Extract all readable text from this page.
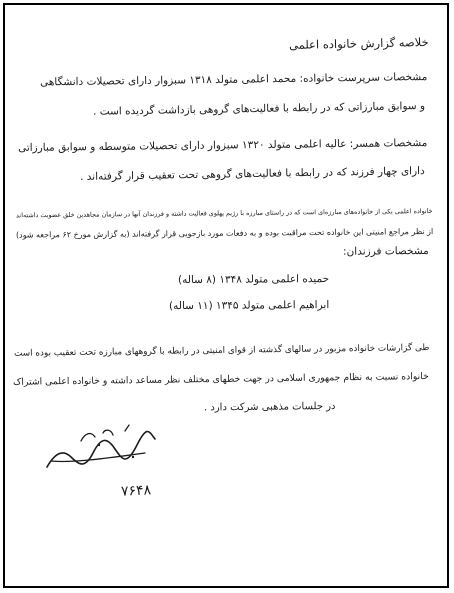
خلاصه گزارش خانواده اعلمی
مشخصات سرپرست خانواده: محمد اعلمی متولد ۱۳۱۸ سبزوار دارای تحصیلات دانشگاهی
و سوابق مبارزاتی که در رابطه با فعالیت‌های گروهی بازداشت گردیده است .
مشخصات همسر: عالیه اعلمی متولد ۱۳۲۰ سبزوار دارای تحصیلات متوسطه و سوابق مبارزاتی
دارای چهار فرزند که در رابطه با فعالیت‌های گروهی تحت تعقیب قرار گرفته‌اند .
خانواده اعلمی یکی از خانواده‌های مبارزه‌ای است که در راستای مبارزه با رژیم پهلوی فعالیت داشته و فرزندان آنها در سازمان مجاهدین خلق عضویت داشته‌اند
از نظر مراجع امنیتی این خانواده تحت مراقبت بوده و به دفعات مورد بازجویی قرار گرفته‌اند (به گزارش مورخ ۶۲ مراجعه شود)
مشخصات فرزندان:
حمیده اعلمی متولد ۱۳۴۸ (۸ ساله)
ابراهیم اعلمی متولد ۱۳۴۵ (۱۱ ساله)
طی گزارشات خانواده مزبور در سالهای گذشته از قوای امنیتی در رابطه با گروههای مبارزه تحت تعقیب بوده است
خانواده نسبت به نظام جمهوری اسلامی در جهت خطهای مختلف نظر مساعد داشته و خانواده اعلمی اشتراک
در جلسات مذهبی شرکت دارد .
۷۶۴۸
